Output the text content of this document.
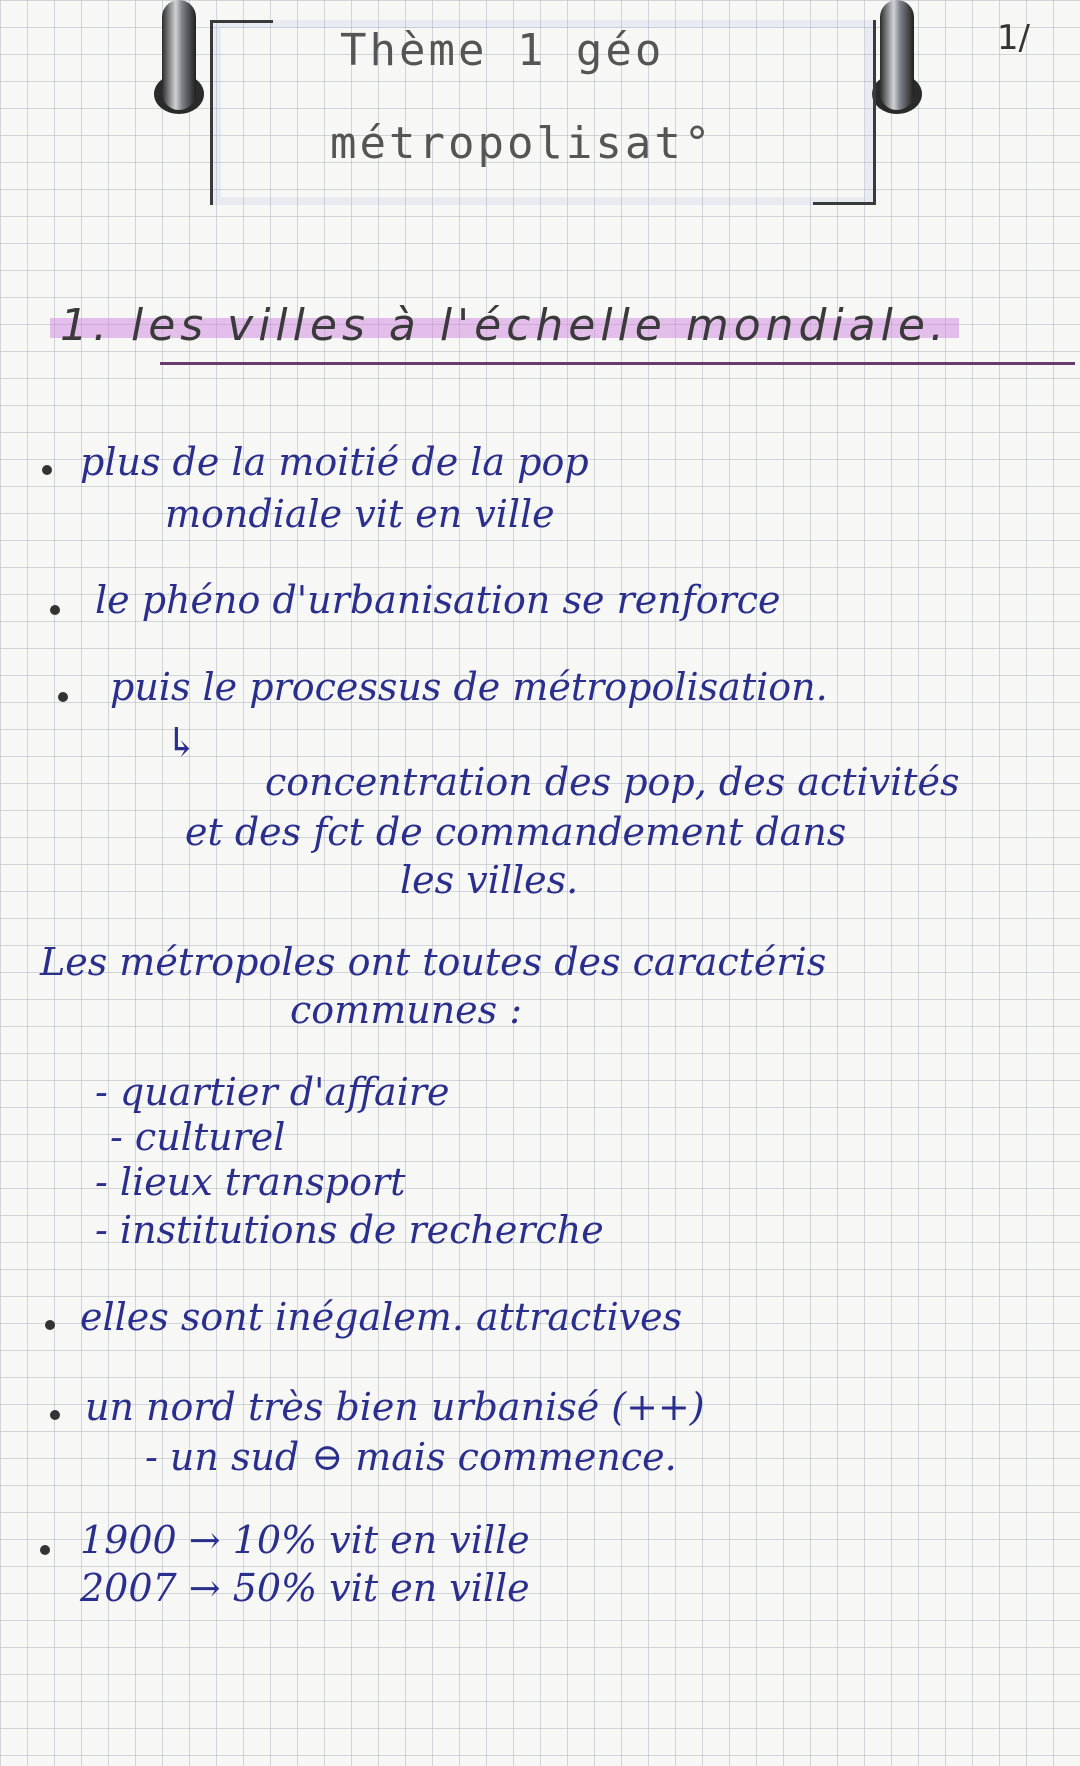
Thème 1 géo
métropolisat°
1/
1. les villes à l'échelle mondiale.
plus de la moitié de la pop
mondiale vit en ville
le phéno d'urbanisation se renforce
puis le processus de métropolisation.
↳
concentration des pop, des activités
et des fct de commandement dans
les villes.
Les métropoles ont toutes des caractéris
communes :
- quartier d'affaire
- culturel
- lieux transport
- institutions de recherche
elles sont inégalem. attractives
un nord très bien urbanisé (++)
- un sud ⊖ mais commence.
1900 → 10% vit en ville
2007 → 50% vit en ville
